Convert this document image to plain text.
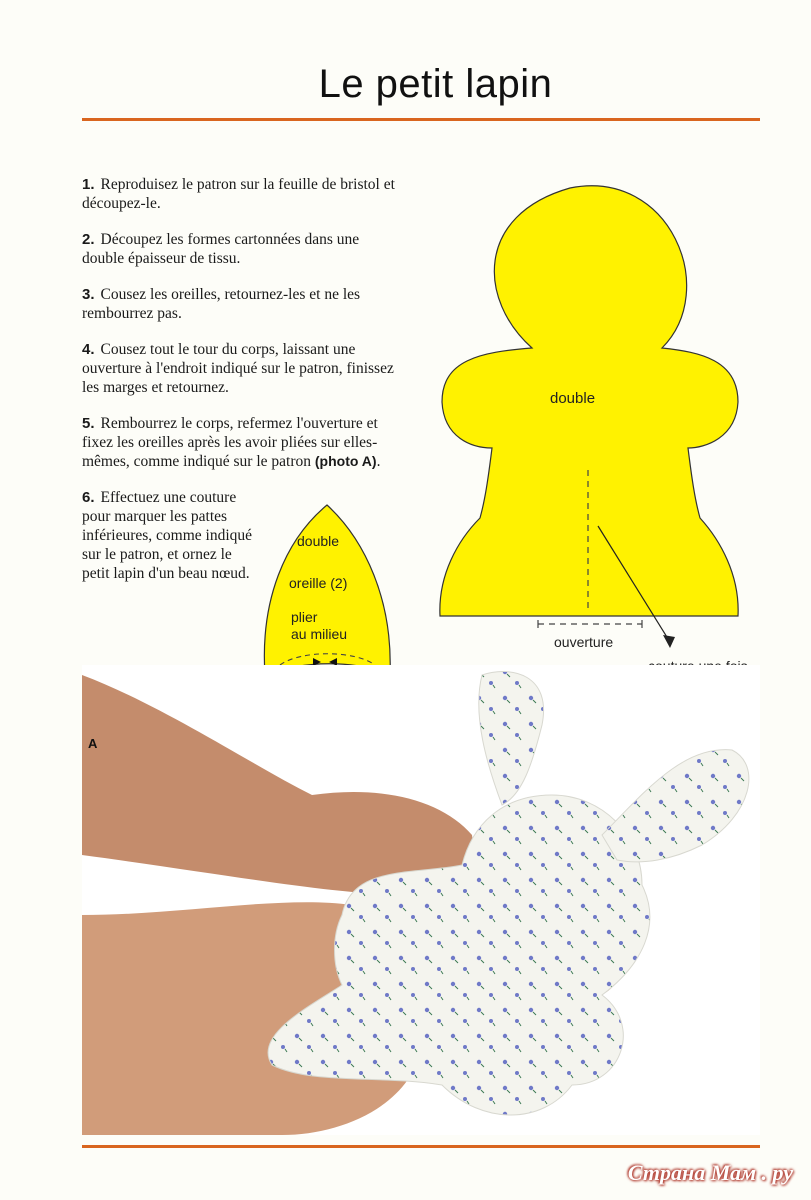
Le petit lapin
1. Reproduisez le patron sur la feuille de bristol et découpez-le.
2. Découpez les formes cartonnées dans une double épaisseur de tissu.
3. Cousez les oreilles, retournez-les et ne les rembourrez pas.
4. Cousez tout le tour du corps, laissant une ouverture à l'endroit indiqué sur le patron, finissez les marges et retournez.
5. Rembourrez le corps, refermez l'ouverture et fixez les oreilles après les avoir pliées sur elles-mêmes, comme indiqué sur le patron (photo A).
6. Effectuez une couture pour marquer les pattes inférieures, comme indiqué sur le patron, et ornez le petit lapin d'un beau nœud.
double
ouverture
double
oreille (2)
plier
au milieu
A
Страна Мам . ру
